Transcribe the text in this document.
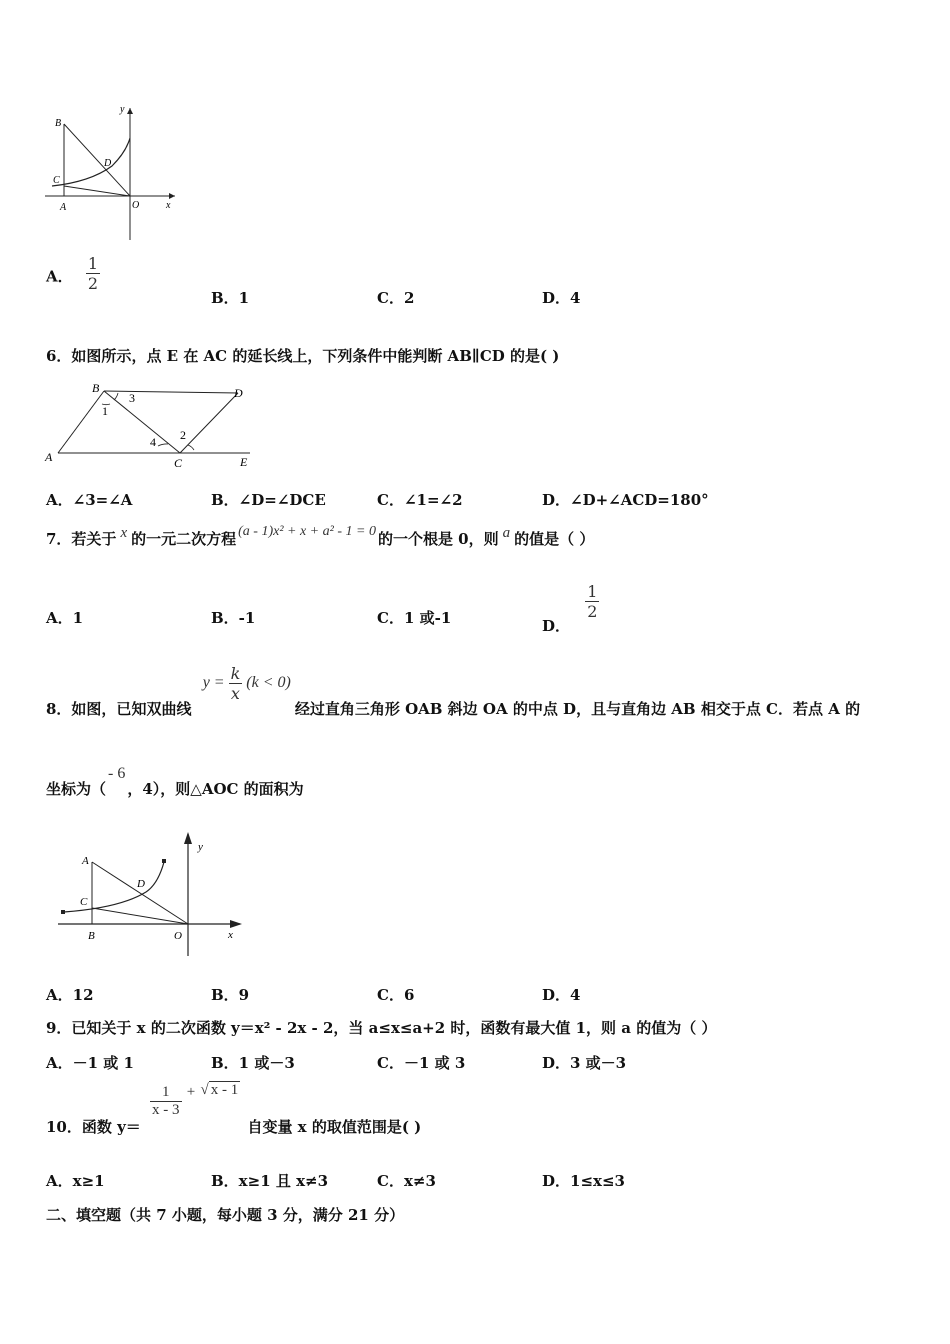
B
C
D
A	O	x
y
A． $\frac{1}{2}$
B．1	C．2	D．4
6．如图所示，点 E 在 AC 的延长线上，下列条件中能判断 AB∥CD 的是( )
B	D
A	C	E
1
3
4 2
A．∠3=∠A	B．∠D=∠DCE	C．∠1=∠2	D．∠D+∠ACD=180°
7．若关于 x 的一元二次方程 (a - 1)x² + x + a² - 1 = 0 的一个根是 0，则 a 的值是（ ）
A．1	B．-1	C．1 或-1	D．
$\frac{1}{2}$
8．如图，已知双曲线 $y = \frac{k}{x} (k < 0)$ 经过直角三角形 OAB 斜边 OA 的中点 D，且与直角边 AB 相交于点 C．若点 A 的
坐标为（- 6，4），则△AOC 的面积为
A
C
D
B	O	x
y
A．12	B．9	C．6	D．4
9．已知关于 x 的二次函数 y＝x² - 2x - 2，当 a≤x≤a+2 时，函数有最大值 1，则 a 的值为（ ）
A．－1 或 1	B．1 或－3	C．－1 或 3	D．3 或－3
10．函数 y＝
$\frac{1}{x - 3}$ + √ x - 1 自变量 x 的取值范围是( )
A．x≥1	B．x≥1 且 x≠3	C．x≠3	D．1≤x≤3
二、填空题（共 7 小题，每小题 3 分，满分 21 分）
